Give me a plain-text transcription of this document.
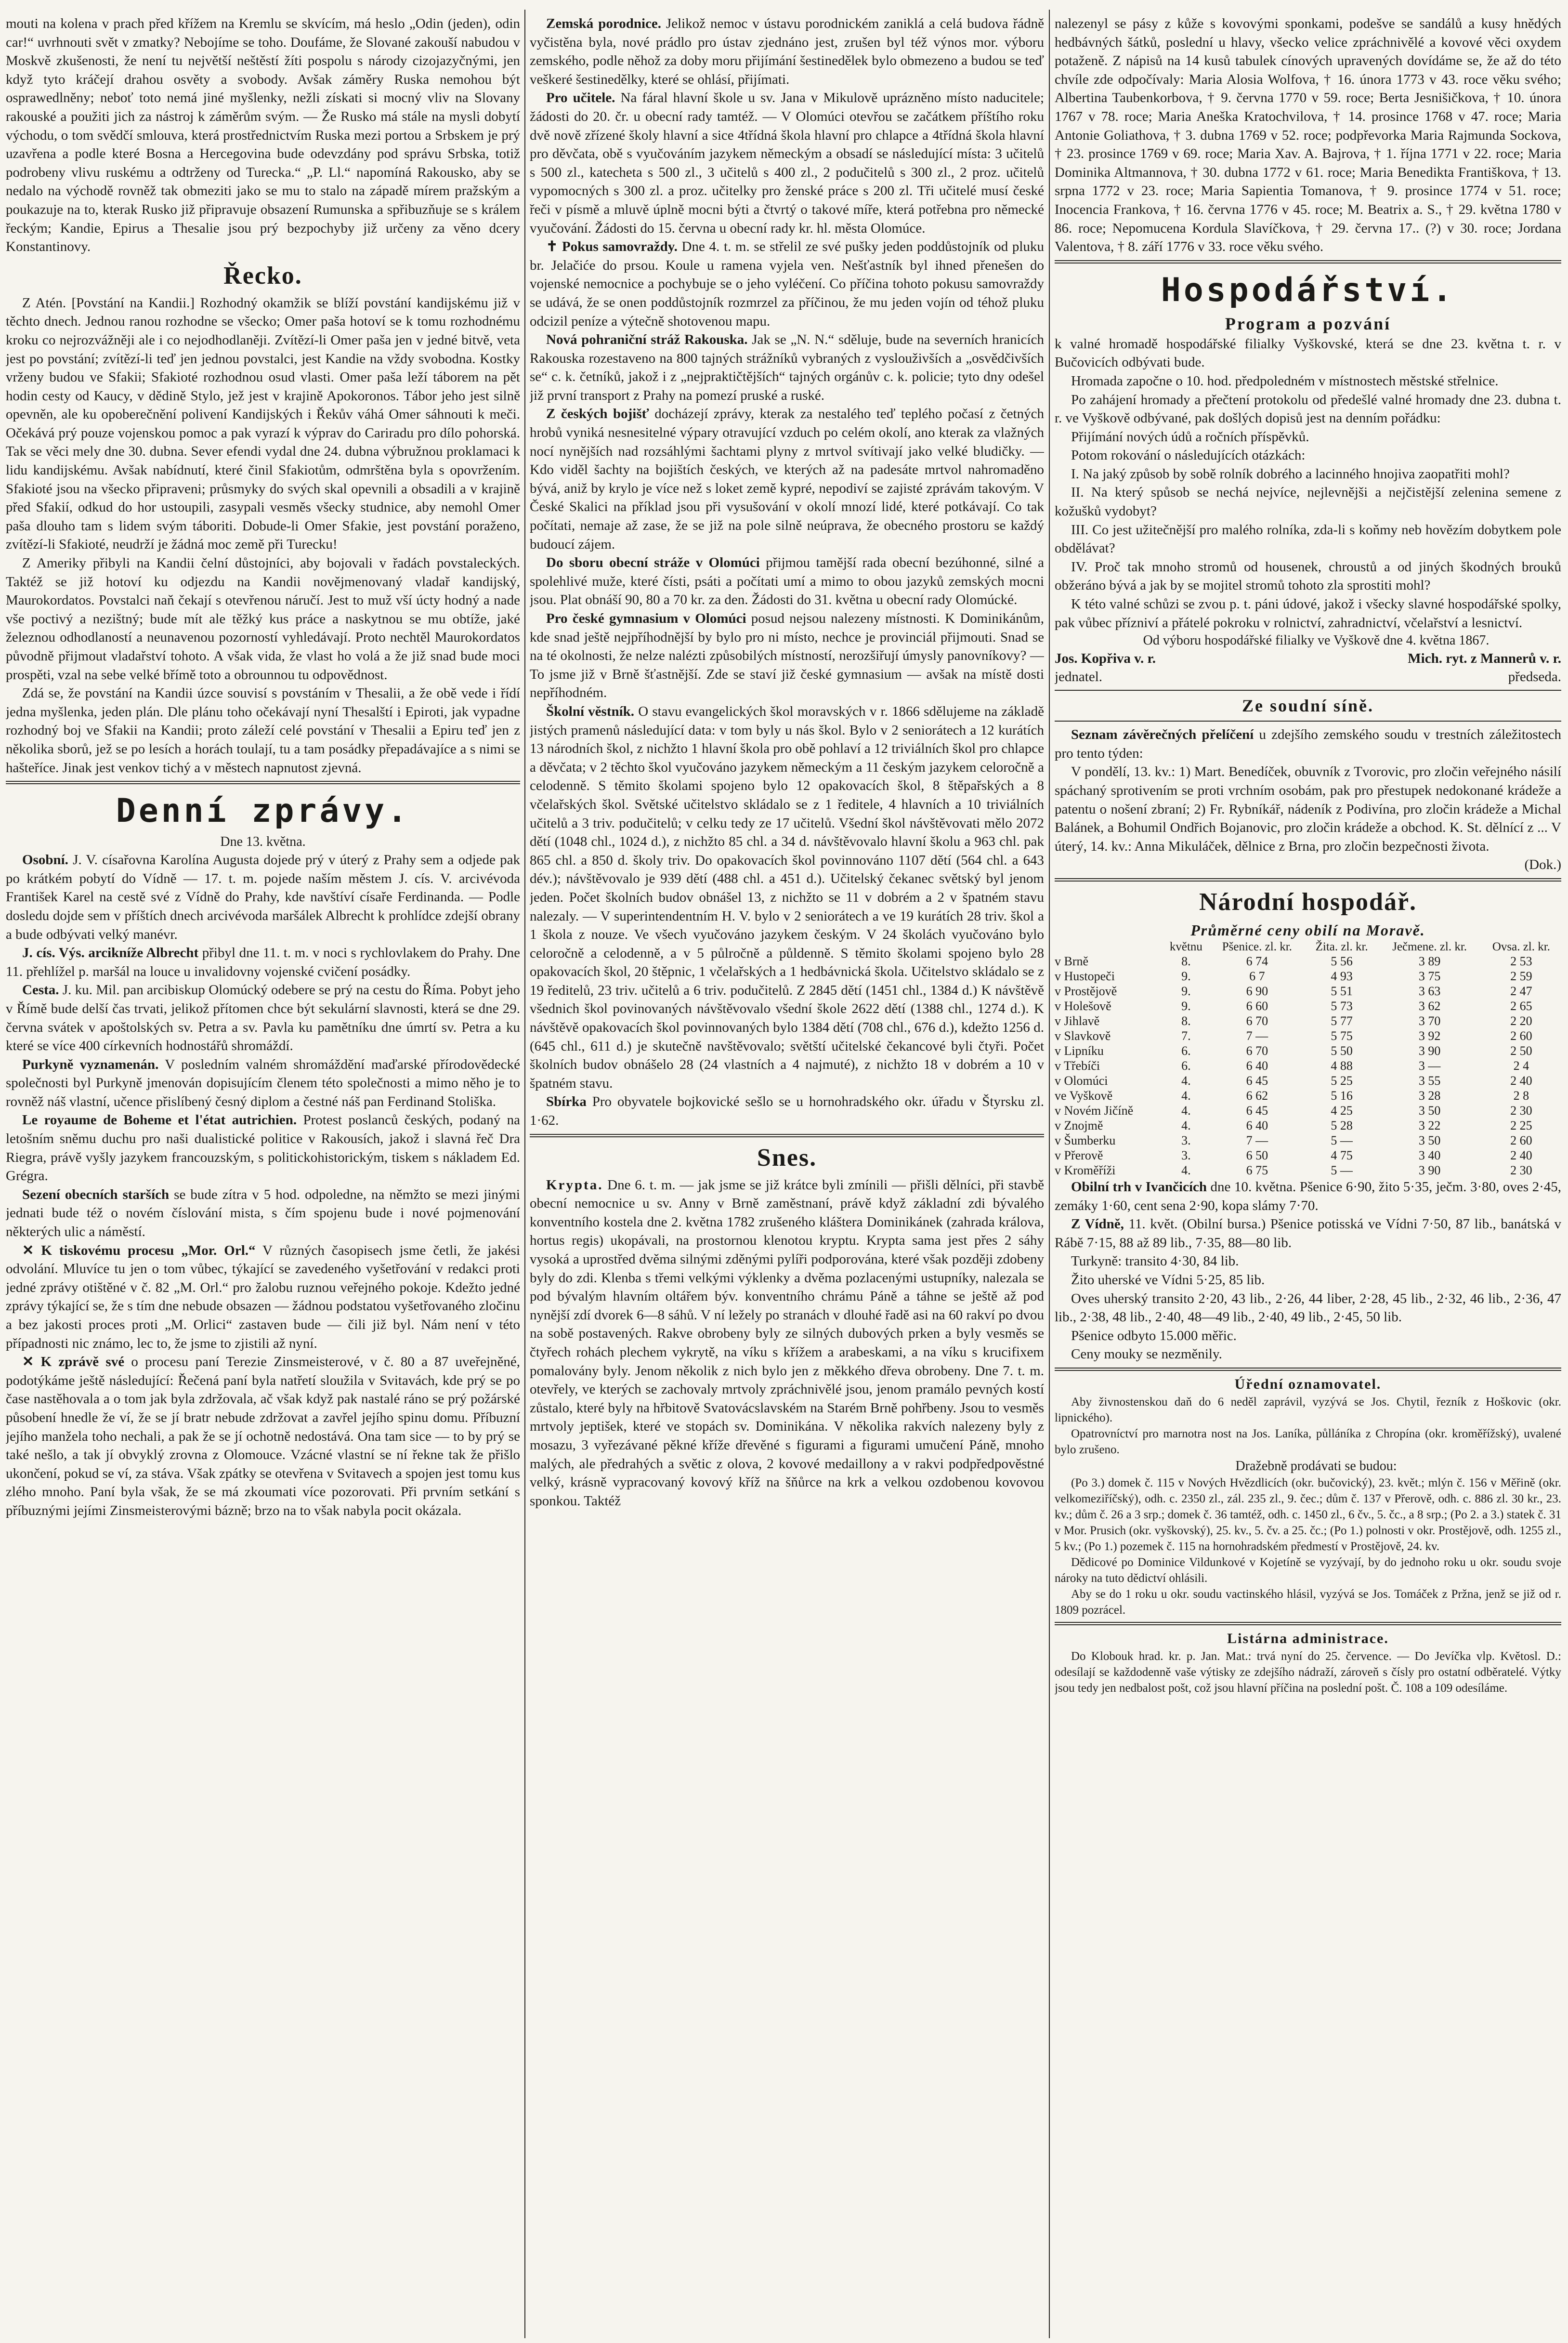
mouti na kolena v prach před křížem na Kremlu se skvícím, má heslo „Odin (jeden), odin car!“ uvrhnouti svět v zmatky? Nebojíme se toho. Doufáme, že Slované zakouší nabudou v Moskvě zkušenosti, že není tu největší neštěstí žíti pospolu s národy cizojazyčnými, jen když tyto kráčejí drahou osvěty a svobody. Avšak záměry Ruska nemohou být osprawedlněny; neboť toto nemá jiné myšlenky, nežli získati si mocný vliv na Slovany rakouské a použiti jich za nástroj k záměrům svým. — Že Rusko má stále na mysli dobytí východu, o tom svědčí smlouva, která prostřednictvím Ruska mezi portou a Srbskem je prý uzavřena a podle které Bosna a Hercegovina bude odevzdány pod správu Srbska, totiž podrobeny vlivu ruskému a odtrženy od Turecka.“ „P. Ll.“ napomíná Rakousko, aby se nedalo na východě rovněž tak obmeziti jako se mu to stalo na západě mírem pražským a poukazuje na to, kterak Rusko již připravuje obsazení Rumunska a spřibuzňuje se s králem řeckým; Kandie, Epirus a Thesalie jsou prý bezpochyby již určeny za věno dcery Konstantinovy.

Řecko.

Z Atén. [Povstání na Kandii.] Rozhodný okamžik se blíží povstání kandijskému již v těchto dnech. Jednou ranou rozhodne se všecko; Omer paša hotoví se k tomu rozhodnému kroku co nejrozvážněji ale i co nejodhodlaněji. Zvítězí-li Omer paša jen v jedné bitvě, veta jest po povstání; zvítězí-li teď jen jednou povstalci, jest Kandie na vždy svobodna. Kostky vrženy budou ve Sfakii; Sfakioté rozhodnou osud vlasti. Omer paša leží táborem na pět hodin cesty od Kaucy, v dědině Stylo, jež jest v krajině Apokoronos. Tábor jeho jest silně opevněn, ale ku opoberečnění polivení Kandijských i Řekův váhá Omer sáhnouti k meči. Očekává prý pouze vojenskou pomoc a pak vyrazí k výprav do Cariradu pro dílo pohorská. Tak se věci mely dne 30. dubna. Sever efendi vydal dne 24. dubna výbružnou proklamaci k lidu kandijskému. Avšak nabídnutí, které činil Sfakiotům, odmrštěna byla s opovržením. Sfakioté jsou na všecko připraveni; průsmyky do svých skal opevnili a obsadili a v krajině před Sfakií, odkud do hor ustoupili, zasypali vesměs všecky studnice, aby nemohl Omer paša dlouho tam s lidem svým táboriti. Dobude-li Omer Sfakie, jest povstání poraženo, zvítězí-li Sfakioté, neudrží je žádná moc země při Turecku!

Z Ameriky přibyli na Kandii čelní důstojníci, aby bojovali v řadách povstaleckých. Taktéž se již hotoví ku odjezdu na Kandii novějmenovaný vladař kandijský, Maurokordatos. Povstalci naň čekají s otevřenou náručí. Jest to muž vší úcty hodný a nade vše poctivý a nezištný; bude mít ale těžký kus práce a naskytnou se mu obtíže, jaké železnou odhodlaností a neunavenou pozorností vyhledávají. Proto nechtěl Maurokordatos původně přijmout vladařství tohoto. A však vida, že vlast ho volá a že již snad bude moci prospěti, vzal na sebe velké břímě toto a obrounnou tu odpovědnost.

Zdá se, že povstání na Kandii úzce souvisí s povstáním v Thesalii, a že obě vede i řídí jedna myšlenka, jeden plán. Dle plánu toho očekávají nyní Thesalští i Epiroti, jak vypadne rozhodný boj ve Sfakii na Kandii; proto záleží celé povstání v Thesalii a Epiru teď jen z několika sborů, jež se po lesích a horách toulají, tu a tam posádky přepadávajíce a s nimi se hašteříce. Jinak jest venkov tichý a v městech napnutost zjevná.

Denní zprávy.
Dne 13. května.

Osobní. J. V. císařovna Karolína Augusta dojede prý v úterý z Prahy sem a odjede pak po krátkém pobytí do Vídně — 17. t. m. pojede naším městem J. cís. V. arcivévoda František Karel na cestě své z Vídně do Prahy, kde navštíví císaře Ferdinanda. — Podle dosledu dojde sem v příštích dnech arcivévoda maršálek Albrecht k prohlídce zdejší obrany a bude odbývati velký manévr.

J. cís. Výs. arcikníže Albrecht přibyl dne 11. t. m. v noci s rychlovlakem do Prahy. Dne 11. přehlížel p. maršál na louce u invalidovny vojenské cvičení posádky.

Cesta. J. ku. Mil. pan arcibiskup Olomúcký odebere se prý na cestu do Říma. Pobyt jeho v Římě bude delší čas trvati, jelikož přítomen chce být sekulární slavnosti, která se dne 29. června svátek v apoštolských sv. Petra a sv. Pavla ku pamětníku dne úmrtí sv. Petra a ku které se více 400 církevních hodnostářů shromáždí.

Purkyně vyznamenán. V posledním valném shromáždění maďarské přírodovědecké společnosti byl Purkyně jmenován dopisujícím členem této společnosti a mimo něho je to rovněž náš vlastní, učence přislíbený česný diplom a čestné náš pan Ferdinand Stoliška.

Le royaume de Boheme et l'état autrichien. Protest poslanců českých, podaný na letošním sněmu duchu pro naši dualistické politice v Rakousích, jakož i slavná řeč Dra Riegra, právě vyšly jazykem francouzským, s politickohistorickým, tiskem s nákladem Ed. Grégra.

Sezení obecních starších se bude zítra v 5 hod. odpoledne, na němžto se mezi jinými jednati bude též o novém číslování mista, s čím spojenu bude i nové pojmenování některých ulic a náměstí.

✕ K tiskovému procesu „Mor. Orl.“ V různých časopisech jsme četli, že jakési odvolání. Mluvíce tu jen o tom vůbec, týkající se zavedeného vyšetřování v redakci proti jedné zprávy otištěné v č. 82 „M. Orl.“ pro žalobu ruznou veřejného pokoje. Kdežto jedné zprávy týkající se, že s tím dne nebude obsazen — žádnou podstatou vyšetřovaného zločinu a bez jakosti proces proti „M. Orlici“ zastaven bude — čili již byl. Nám není v této případnosti nic známo, lec to, že jsme to zjistili až nyní.

✕ K zprávě své o procesu paní Terezie Zinsmeisterové, v č. 80 a 87 uveřejněné, podotýkáme ještě následující: Řečená paní byla natřetí sloužila v Svitavách, kde prý se po čase nastěhovala a o tom jak byla zdržovala, ač však když pak nastalé ráno se prý požárské působení hnedle že ví, že se jí bratr nebude zdržovat a zavřel jejího spinu domu. Příbuzní jejího manžela toho nechali, a pak že se jí ochotně nedostává. Ona tam sice — to by prý se také nešlo, a tak jí obvyklý zrovna z Olomouce. Vzácné vlastní se ní řekne tak že přišlo ukončení, pokud se ví, za stáva. Však zpátky se otevřena v Svitavech a spojen jest tomu kus zlého mnoho. Paní byla však, že se má zkoumati více pozorovati. Při prvním setkání s příbuznými jejími Zinsmeisterovými bázně; brzo na to však nabyla pocit okázala.

Zemská porodnice. Jelikož nemoc v ústavu porodnickém zaniklá a celá budova řádně vyčistěna byla, nové prádlo pro ústav zjednáno jest, zrušen byl též výnos mor. výboru zemského, podle něhož za doby moru přijímání šestinedělek bylo obmezeno a budou se teď veškeré šestinedělky, které se ohlásí, přijímati.

Pro učitele. Na fáral hlavní škole u sv. Jana v Mikulově uprázněno místo naducitele; žádosti do 20. čr. u obecní rady tamtéž. — V Olomúci otevřou se začátkem příštího roku dvě nově zřízené školy hlavní a sice 4třídná škola hlavní pro chlapce a 4třídná škola hlavní pro děvčata, obě s vyučováním jazykem německým a obsadí se následující místa: 3 učitelů s 500 zl., katecheta s 500 zl., 3 učitelů s 400 zl., 2 podučitelů s 300 zl., 2 proz. učitelů vypomocných s 300 zl. a proz. učitelky pro ženské práce s 200 zl. Tři učitelé musí české řeči v písmě a mluvě úplně mocni býti a čtvrtý o takové míře, která potřebna pro německé vyučování. Žádosti do 15. června u obecní rady kr. hl. města Olomúce.

✝ Pokus samovraždy. Dne 4. t. m. se střelil ze své pušky jeden poddůstojník od pluku br. Jelačiće do prsou. Koule u ramena vyjela ven. Nešťastník byl ihned přenešen do vojenské nemocnice a pochybuje se o jeho vyléčení. Co příčina tohoto pokusu samovraždy se udává, že se onen poddůstojník rozmrzel za příčinou, že mu jeden vojín od téhož pluku odcizil peníze a výtečně shotovenou mapu.

Nová pohraniční stráž Rakouska. Jak se „N. N.“ sděluje, bude na severních hranicích Rakouska rozestaveno na 800 tajných strážníků vybraných z vyslouživších a „osvědčivších se“ c. k. četníků, jakož i z „nejpraktičtějších“ tajných orgánův c. k. policie; tyto dny odešel již první transport z Prahy na pomezí pruské a ruské.

Z českých bojišť docházejí zprávy, kterak za nestalého teď teplého počasí z četných hrobů vyniká nesnesitelné výpary otravující vzduch po celém okolí, ano kterak za vlažných nocí nynějších nad rozsáhlými šachtami plyny z mrtvol svítivají jako velké bludičky. — Kdo viděl šachty na bojištích českých, ve kterých až na padesáte mrtvol nahromaděno bývá, aniž by krylo je více než s loket země kypré, nepodiví se zajisté zprávám takovým. V České Skalici na příklad jsou při vysušování v okolí mnozí lidé, které potkávají. Co tak počítati, nemaje až zase, že se již na pole silně neúprava, že obecného prostoru se každý budoucí zájem.

Do sboru obecní stráže v Olomúci přijmou tamější rada obecní bezúhonné, silné a spolehlivé muže, které čísti, psáti a počítati umí a mimo to obou jazyků zemských mocni jsou. Plat obnáší 90, 80 a 70 kr. za den. Žádosti do 31. května u obecní rady Olomúcké.

Pro české gymnasium v Olomúci posud nejsou nalezeny místnosti. K Dominikánům, kde snad ještě nejpříhodnější by bylo pro ni místo, nechce je provinciál přijmouti. Snad se na té okolnosti, že nelze nalézti způsobilých místností, nerozšiřují úmysly panovníkovy? — To jsme již v Brně šťastnější. Zde se staví již české gymnasium — avšak na místě dosti nepříhodném.

Školní věstník. O stavu evangelických škol moravských v r. 1866 sdělujeme na základě jistých pramenů následující data: v tom byly u nás škol. Bylo v 2 seniorátech a 12 kurátích 13 národních škol, z nichžto 1 hlavní škola pro obě pohlaví a 12 triviálních škol pro chlapce a děvčata; v 2 těchto škol vyučováno jazykem německým a 11 českým jazykem celoročně a celodenně. S těmito školami spojeno bylo 12 opakovacích škol, 8 štěpařských a 8 včelařských škol. Světské učitelstvo skládalo se z 1 ředitele, 4 hlavních a 10 triviálních učitelů a 3 triv. podučitelů; v celku tedy ze 17 učitelů. Všední škol návštěvovati mělo 2072 dětí (1048 chl., 1024 d.), z nichžto 85 chl. a 34 d. návštěvovalo hlavní školu a 963 chl. pak 865 chl. a 850 d. školy triv. Do opakovacích škol povinnováno 1107 dětí (564 chl. a 643 dév.); návštěvovalo je 939 dětí (488 chl. a 451 d.). Učitelský čekanec světský byl jenom jeden. Počet školních budov obnášel 13, z nichžto se 11 v dobrém a 2 v špatném stavu nalezaly. — V superintendentním H. V. bylo v 2 seniorátech a ve 19 kurátích 28 triv. škol a 1 škola z nouze. Ve všech vyučováno jazykem českým. V 24 školách vyučováno bylo celoročně a celodenně, a v 5 půlročně a půldenně. S těmito školami spojeno bylo 28 opakovacích škol, 20 štěpnic, 1 včelařských a 1 hedbávnická škola. Učitelstvo skládalo se z 19 ředitelů, 23 triv. učitelů a 6 triv. podučitelů. Z 2845 dětí (1451 chl., 1384 d.) K návštěvě všednich škol povinovaných návštěvovalo všední škole 2622 dětí (1388 chl., 1274 d.). K návštěvě opakovacích škol povinnovaných bylo 1384 dětí (708 chl., 676 d.), kdežto 1256 d. (645 chl., 611 d.) je skutečně navštěvovalo; světští učitelské čekancové byli čtyři. Počet školních budov obnášelo 28 (24 vlastních a 4 najmuté), z nichžto 18 v dobrém a 10 v špatném stavu.

Sbírka Pro obyvatele bojkovické sešlo se u hornohradského okr. úřadu v Štyrsku zl. 1·62.

Snes.

Krypta. Dne 6. t. m. — jak jsme se již krátce byli zmínili — přišli dělníci, při stavbě obecní nemocnice u sv. Anny v Brně zaměstnaní, právě když základní zdi bývalého konventního kostela dne 2. května 1782 zrušeného kláštera Dominikánek (zahrada králova, hortus regis) ukopávali, na prostornou klenotou kryptu. Krypta sama jest přes 2 sáhy vysoká a uprostřed dvěma silnými zděnými pylíři podporována, které však později zdobeny byly do zdi. Klenba s třemi velkými výklenky a dvěma pozlacenými ustupníky, nalezala se pod bývalým hlavním oltářem býv. konventního chrámu Páně a táhne se ještě až pod nynější zdí dvorek 6—8 sáhů. V ní ležely po stranách v dlouhé řadě asi na 60 rakví po dvou na sobě postavených. Rakve obrobeny byly ze silných dubových prken a byly vesměs se čtyřech rohách plechem vykrytě, na víku s křížem a arabeskami, a na víku s krucifixem pomalovány byly. Jenom několik z nich bylo jen z měkkého dřeva obrobeny. Dne 7. t. m. otevřely, ve kterých se zachovaly mrtvoly zpráchnivělé jsou, jenom pramálo pevných kostí zůstalo, které byly na hřbitově Svatovácslavském na Starém Brně pohřbeny. Jsou to vesměs mrtvoly jeptišek, které ve stopách sv. Dominikána. V několika rakvích nalezeny byly z mosazu, 3 vyřezávané pěkné kříže dřevěné s figurami a figurami umučení Páně, mnoho malých, ale předrahých a světic z olova, 2 kovové medaillony a v rakvi podpředpověstné velký, krásně vypracovaný kovový kříž na šňůrce na krk a velkou ozdobenou kovovou sponkou. Taktéž

nalezenyl se pásy z kůže s kovovými sponkami, podešve se sandálů a kusy hnědých hedbávných šátků, poslední u hlavy, všecko velice zpráchnivělé a kovové věci oxydem potaženě. Z nápisů na 14 kusů tabulek cínových upravených dovídáme se, že až do této chvíle zde odpočívaly: Maria Alosia Wolfova, † 16. února 1773 v 43. roce věku svého; Albertina Taubenkorbova, † 9. června 1770 v 59. roce; Berta Jesnišičkova, † 10. února 1767 v 78. roce; Maria Aneška Kratochvilova, † 14. prosince 1768 v 47. roce; Maria Antonie Goliathova, † 3. dubna 1769 v 52. roce; podpřevorka Maria Rajmunda Sockova, † 23. prosince 1769 v 69. roce; Maria Xav. A. Bajrova, † 1. října 1771 v 22. roce; Maria Dominika Altmannova, † 30. dubna 1772 v 61. roce; Maria Benedikta Františkova, † 13. srpna 1772 v 23. roce; Maria Sapientia Tomanova, † 9. prosince 1774 v 51. roce; Inocencia Frankova, † 16. června 1776 v 45. roce; M. Beatrix a. S., † 29. května 1780 v 86. roce; Nepomucena Kordula Slavíčkova, † 29. června 17.. (?) v 30. roce; Jordana Valentova, † 8. září 1776 v 33. roce věku svého.

Hospodářství.
Program a pozvání

k valné hromadě hospodářské filialky Vyškovské, která se dne 23. května t. r. v Bučovicích odbývati bude.

Hromada započne o 10. hod. předpoledném v místnostech městské střelnice.

Po zahájení hromady a přečtení protokolu od předešlé valné hromady dne 23. dubna t. r. ve Vyškově odbývané, pak došlých dopisů jest na denním pořádku:

Přijímání nových údů a ročních příspěvků.

Potom rokování o následujících otázkách:

I. Na jaký způsob by sobě rolník dobrého a lacinného hnojiva zaopatřiti mohl?

II. Na který spůsob se nechá nejvíce, nejlevnějši a nejčistější zelenina semene z kožušků vydobyt?

III. Co jest užitečnější pro malého rolníka, zda-li s koňmy neb hovězím dobytkem pole obdělávat?

IV. Proč tak mnoho stromů od housenek, chroustů a od jiných škodných brouků obžeráno bývá a jak by se mojitel stromů tohoto zla sprostiti mohl?

K této valné schůzi se zvou p. t. páni údové, jakož i všecky slavné hospodářské spolky, pak vůbec přízniví a přátelé pokroku v rolnictví, zahradnictví, včelařství a lesnictví.

Od výboru hospodářské filialky ve Vyškově dne 4. května 1867.

Jos. Kopřiva v. r.	Mich. ryt. z Mannerů v. r.
jednatel.	předseda.
Ze soudní síně.

Seznam závěrečných přelíčení u zdejšího zemského soudu v trestních záležitostech pro tento týden:

V pondělí, 13. kv.: 1) Mart. Benedíček, obuvník z Tvorovic, pro zločin veřejného násilí spáchaný sprotivením se proti vrchním osobám, pak pro přestupek nedokonané krádeže a patentu o nošení zbraní; 2) Fr. Rybníkář, nádeník z Podivína, pro zločin krádeže a Michal Balánek, a Bohumil Ondřich Bojanovic, pro zločin krádeže a obchod. K. St. dělnící z ... V úterý, 14. kv.: Anna Mikuláček, dělnice z Brna, pro zločin bezpečnosti života.

(Dok.)
Národní hospodář.
Průměrné ceny obilí na Moravě.
	květnu	Pšenice. zl. kr.	Žita. zl. kr.	Ječmene. zl. kr.	Ovsa. zl. kr.
v Brně	8.	6 74	5 56	3 89	2 53
v Hustopeči	9.	6 7	4 93	3 75	2 59
v Prostějově	9.	6 90	5 51	3 63	2 47
v Holešově	9.	6 60	5 73	3 62	2 65
v Jihlavě	8.	6 70	5 77	3 70	2 20
v Slavkově	7.	7 —	5 75	3 92	2 60
v Lipníku	6.	6 70	5 50	3 90	2 50
v Třebíči	6.	6 40	4 88	3 —	2 4
v Olomúci	4.	6 45	5 25	3 55	2 40
ve Vyškově	4.	6 62	5 16	3 28	2 8
v Novém Jičíně	4.	6 45	4 25	3 50	2 30
v Znojmě	4.	6 40	5 28	3 22	2 25
v Šumberku	3.	7 —	5 —	3 50	2 60
v Přerově	3.	6 50	4 75	3 40	2 40
v Kroměříži	4.	6 75	5 —	3 90	2 30

Obilní trh v Ivančicích dne 10. května. Pšenice 6·90, žito 5·35, ječm. 3·80, oves 2·45, zemáky 1·60, cent sena 2·90, kopa slámy 7·70.

Z Vídně, 11. květ. (Obilní bursa.) Pšenice potisská ve Vídni 7·50, 87 lib., banátská v Rábě 7·15, 88 až 89 lib., 7·35, 88—80 lib.

Turkyně: transito 4·30, 84 lib.

Žito uherské ve Vídni 5·25, 85 lib.

Oves uherský transito 2·20, 43 lib., 2·26, 44 liber, 2·28, 45 lib., 2·32, 46 lib., 2·36, 47 lib., 2·38, 48 lib., 2·40, 48—49 lib., 2·40, 49 lib., 2·45, 50 lib.

Pšenice odbyto 15.000 měřic.

Ceny mouky se nezměnily.

Úřední oznamovatel.

Aby živnostenskou daň do 6 neděl zaprávil, vyzývá se Jos. Chytil, řezník z Hoškovic (okr. lipnického).

Opatrovníctví pro marnotra nost na Jos. Laníka, půlláníka z Chropína (okr. kroměřížský), uvalené bylo zrušeno.

Dražebně prodávati se budou:

(Po 3.) domek č. 115 v Nových Hvězdlicích (okr. bučovický), 23. květ.; mlýn č. 156 v Měřině (okr. velkomeziříčský), odh. c. 2350 zl., zál. 235 zl., 9. čec.; dům č. 137 v Přerově, odh. c. 886 zl. 30 kr., 23. kv.; dům č. 26 a 3 srp.; domek č. 36 tamtéž, odh. c. 1450 zl., 6 čv., 5. čc., a 8 srp.; (Po 2. a 3.) statek č. 31 v Mor. Prusich (okr. vyškovský), 25. kv., 5. čv. a 25. čc.; (Po 1.) polnosti v okr. Prostějově, odh. 1255 zl., 5 kv.; (Po 1.) pozemek č. 115 na hornohradském předmestí v Prostějově, 24. kv.

Dědicové po Dominice Vildunkové v Kojetíně se vyzývají, by do jednoho roku u okr. soudu svoje nároky na tuto dědictví ohlásili.

Aby se do 1 roku u okr. soudu vactinského hlásil, vyzývá se Jos. Tomáček z Pržna, jenž se již od r. 1809 pozrácel.

Listárna administrace.

Do Klobouk hrad. kr. p. Jan. Mat.: trvá nyní do 25. července. — Do Jevíčka vlp. Květosl. D.: odesílají se každodenně vaše výtisky ze zdejšího nádraží, zároveň s čísly pro ostatní odběratelé. Výtky jsou tedy jen nedbalost pošt, což jsou hlavní příčina na poslední pošt. Č. 108 a 109 odesíláme.
